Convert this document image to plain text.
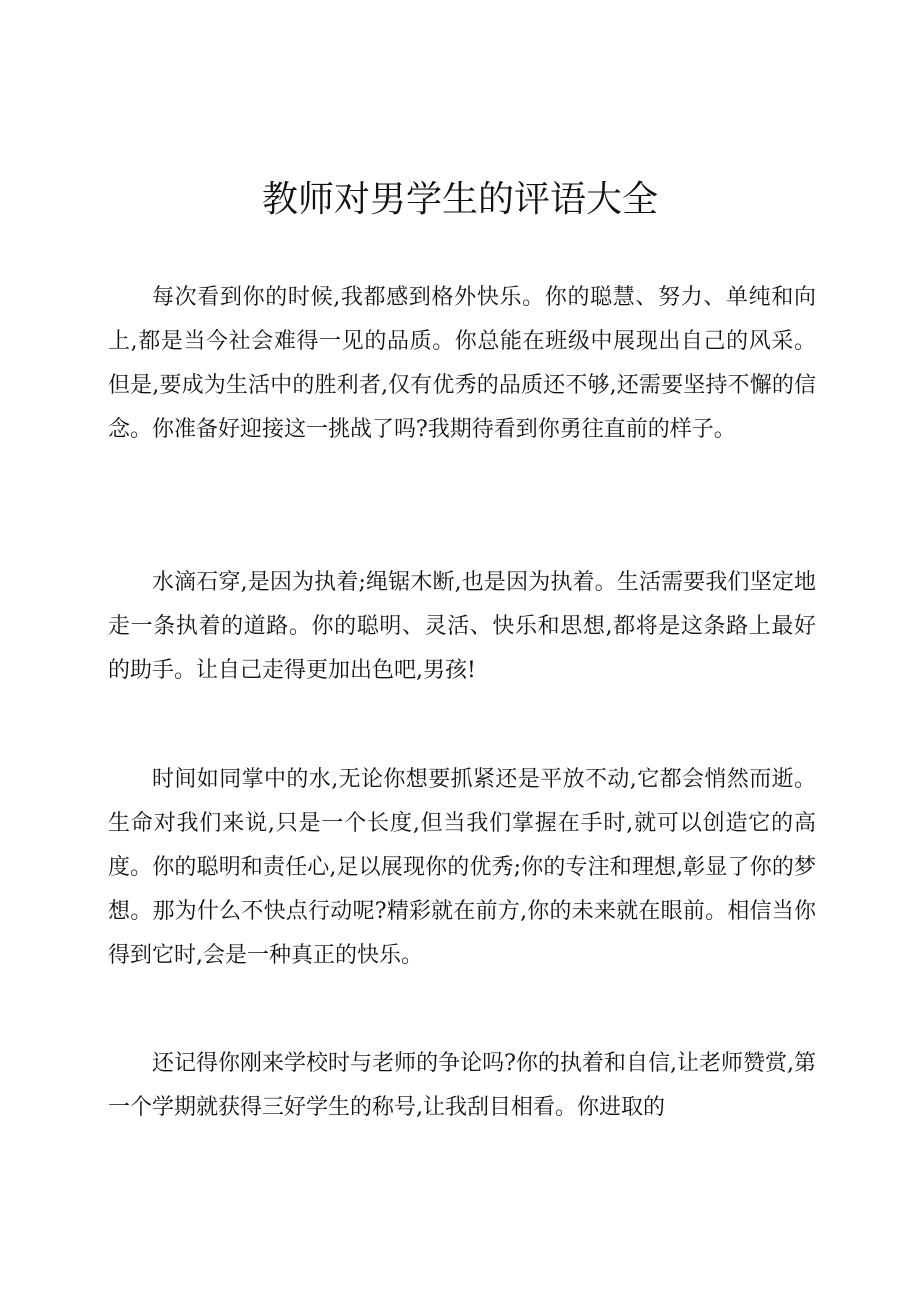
教师对男学生的评语大全

每次看到你的时候,我都感到格外快乐。你的聪慧、努力、单纯和向上,都是当今社会难得一见的品质。你总能在班级中展现出自己的风采。但是,要成为生活中的胜利者,仅有优秀的品质还不够,还需要坚持不懈的信念。你准备好迎接这一挑战了吗?我期待看到你勇往直前的样子。

水滴石穿,是因为执着;绳锯木断,也是因为执着。生活需要我们坚定地走一条执着的道路。你的聪明、灵活、快乐和思想,都将是这条路上最好的助手。让自己走得更加出色吧,男孩!

时间如同掌中的水,无论你想要抓紧还是平放不动,它都会悄然而逝。生命对我们来说,只是一个长度,但当我们掌握在手时,就可以创造它的高度。你的聪明和责任心,足以展现你的优秀;你的专注和理想,彰显了你的梦想。那为什么不快点行动呢?精彩就在前方,你的未来就在眼前。相信当你得到它时,会是一种真正的快乐。

还记得你刚来学校时与老师的争论吗?你的执着和自信,让老师赞赏,第一个学期就获得三好学生的称号,让我刮目相看。你进取的
